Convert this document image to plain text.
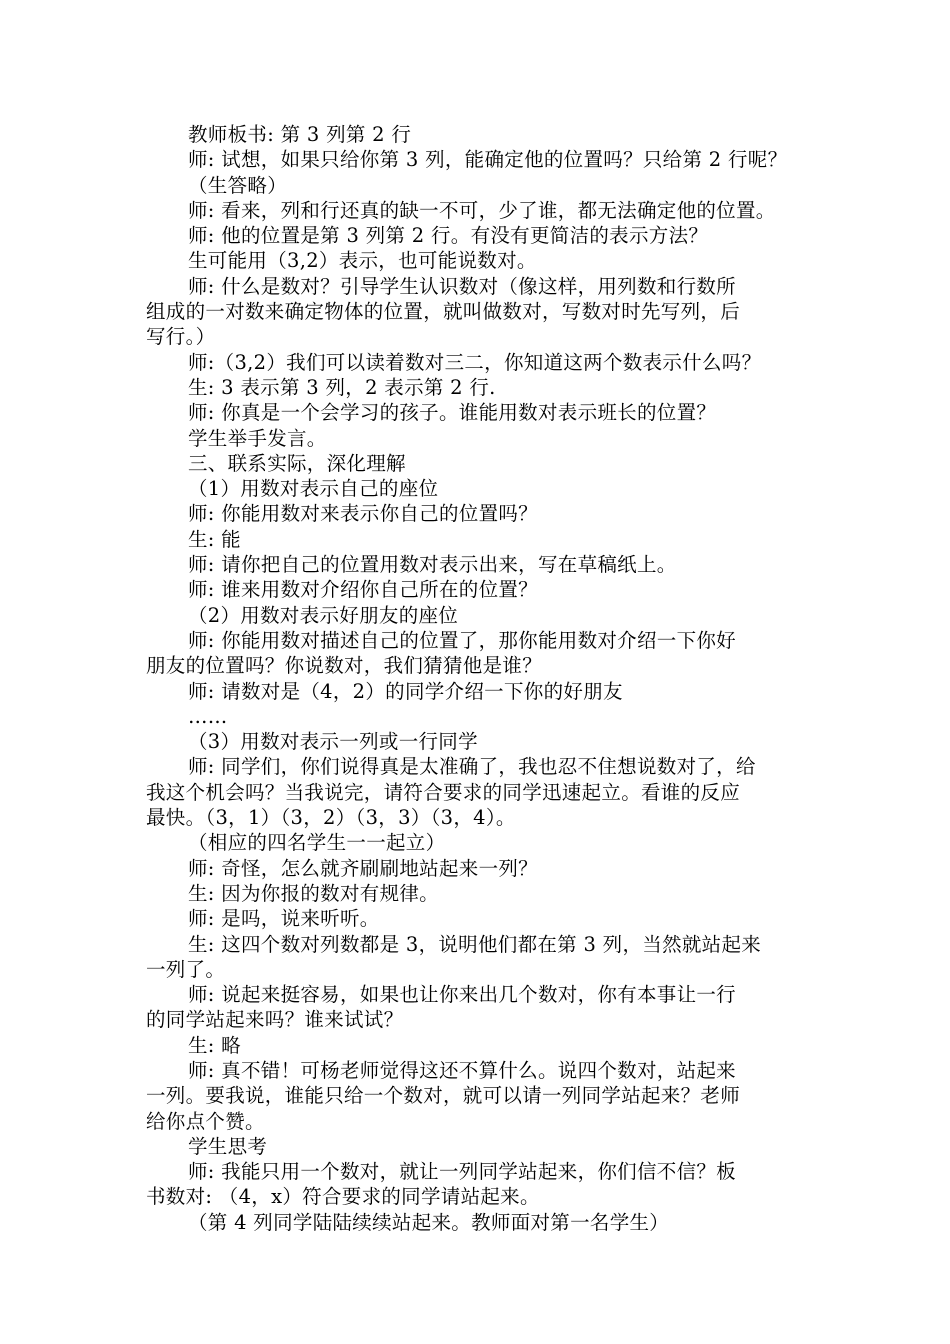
教师板书: 第 3 列第 2 行
师: 试想，如果只给你第 3 列，能确定他的位置吗？只给第 2 行呢？
（生答略）
师: 看来，列和行还真的缺一不可，少了谁，都无法确定他的位置。
师: 他的位置是第 3 列第 2 行。有没有更简洁的表示方法？
生可能用（3,2）表示，也可能说数对。
师: 什么是数对？引导学生认识数对（像这样，用列数和行数所
组成的一对数来确定物体的位置，就叫做数对，写数对时先写列，后
写行。）
师:（3,2）我们可以读着数对三二，你知道这两个数表示什么吗？
生: 3 表示第 3 列，2 表示第 2 行.
师: 你真是一个会学习的孩子。谁能用数对表示班长的位置？
学生举手发言。
三、联系实际，深化理解
（1）用数对表示自己的座位
师: 你能用数对来表示你自己的位置吗？
生: 能
师: 请你把自己的位置用数对表示出来，写在草稿纸上。
师: 谁来用数对介绍你自己所在的位置？
（2）用数对表示好朋友的座位
师: 你能用数对描述自己的位置了，那你能用数对介绍一下你好
朋友的位置吗？你说数对，我们猜猜他是谁？
师: 请数对是（4，2）的同学介绍一下你的好朋友
……
（3）用数对表示一列或一行同学
师: 同学们，你们说得真是太准确了，我也忍不住想说数对了，给
我这个机会吗？当我说完，请符合要求的同学迅速起立。看谁的反应
最快。（3，1）（3，2）（3，3）（3，4）。
（相应的四名学生一一起立）
师: 奇怪，怎么就齐刷刷地站起来一列？
生: 因为你报的数对有规律。
师: 是吗，说来听听。
生: 这四个数对列数都是 3，说明他们都在第 3 列，当然就站起来
一列了。
师: 说起来挺容易，如果也让你来出几个数对，你有本事让一行
的同学站起来吗？谁来试试？
生: 略
师: 真不错！可杨老师觉得这还不算什么。说四个数对，站起来
一列。要我说，谁能只给一个数对，就可以请一列同学站起来？老师
给你点个赞。
学生思考
师: 我能只用一个数对，就让一列同学站起来，你们信不信？板
书数对: （4，x）符合要求的同学请站起来。
（第 4 列同学陆陆续续站起来。教师面对第一名学生）
